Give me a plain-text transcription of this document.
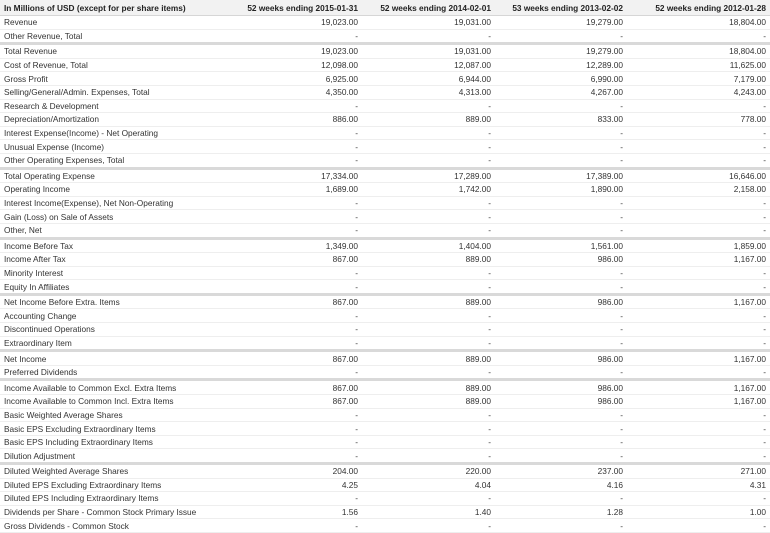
In Millions of USD (except for per share items)	52 weeks ending 2015-01-31	52 weeks ending 2014-02-01	53 weeks ending 2013-02-02	52 weeks ending 2012-01-28
Revenue	19,023.00	19,031.00	19,279.00	18,804.00
Other Revenue, Total	-	-	-	-
Total Revenue	19,023.00	19,031.00	19,279.00	18,804.00
Cost of Revenue, Total	12,098.00	12,087.00	12,289.00	11,625.00
Gross Profit	6,925.00	6,944.00	6,990.00	7,179.00
Selling/General/Admin. Expenses, Total	4,350.00	4,313.00	4,267.00	4,243.00
Research & Development	-	-	-	-
Depreciation/Amortization	886.00	889.00	833.00	778.00
Interest Expense(Income) - Net Operating	-	-	-	-
Unusual Expense (Income)	-	-	-	-
Other Operating Expenses, Total	-	-	-	-
Total Operating Expense	17,334.00	17,289.00	17,389.00	16,646.00
Operating Income	1,689.00	1,742.00	1,890.00	2,158.00
Interest Income(Expense), Net Non-Operating	-	-	-	-
Gain (Loss) on Sale of Assets	-	-	-	-
Other, Net	-	-	-	-
Income Before Tax	1,349.00	1,404.00	1,561.00	1,859.00
Income After Tax	867.00	889.00	986.00	1,167.00
Minority Interest	-	-	-	-
Equity In Affiliates	-	-	-	-
Net Income Before Extra. Items	867.00	889.00	986.00	1,167.00
Accounting Change	-	-	-	-
Discontinued Operations	-	-	-	-
Extraordinary Item	-	-	-	-
Net Income	867.00	889.00	986.00	1,167.00
Preferred Dividends	-	-	-	-
Income Available to Common Excl. Extra Items	867.00	889.00	986.00	1,167.00
Income Available to Common Incl. Extra Items	867.00	889.00	986.00	1,167.00
Basic Weighted Average Shares	-	-	-	-
Basic EPS Excluding Extraordinary Items	-	-	-	-
Basic EPS Including Extraordinary Items	-	-	-	-
Dilution Adjustment	-	-	-	-
Diluted Weighted Average Shares	204.00	220.00	237.00	271.00
Diluted EPS Excluding Extraordinary Items	4.25	4.04	4.16	4.31
Diluted EPS Including Extraordinary Items	-	-	-	-
Dividends per Share - Common Stock Primary Issue	1.56	1.40	1.28	1.00
Gross Dividends - Common Stock	-	-	-	-
